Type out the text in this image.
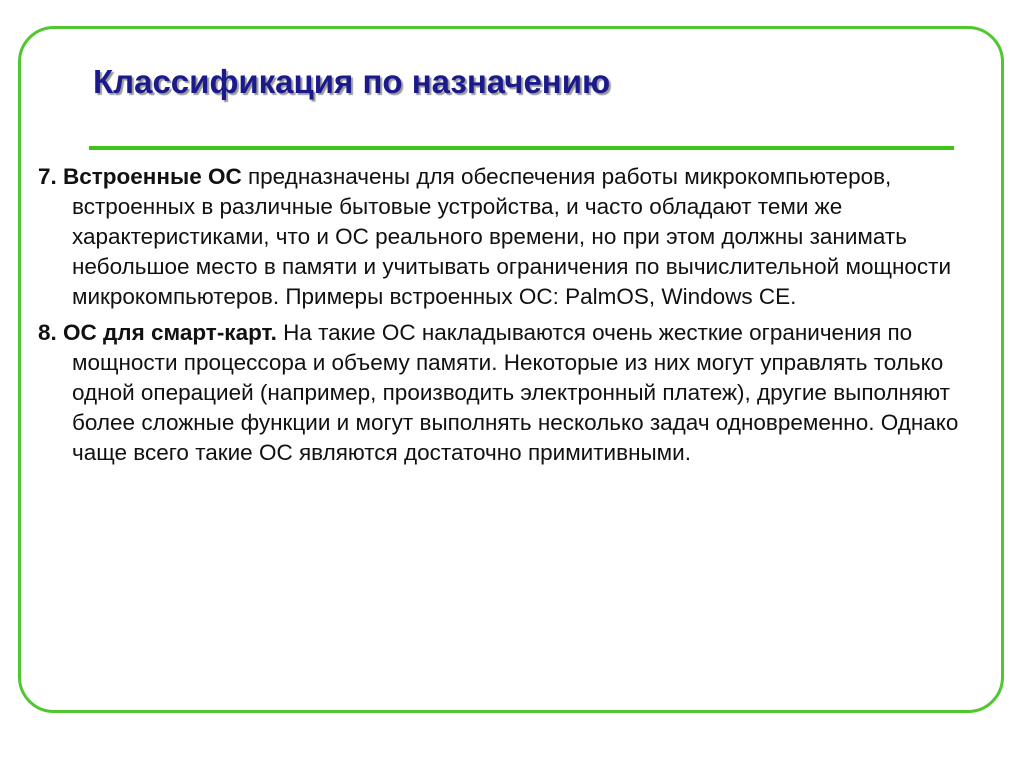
Классификация по назначению

7. Встроенные ОС предназначены для обеспечения работы микрокомпьютеров, встроенных в различные бытовые устройства, и часто обладают теми же характеристиками, что и ОС реального времени, но при этом должны занимать небольшое место в памяти и учитывать ограничения по вычислительной мощности микрокомпьютеров. Примеры встроенных ОС: PalmOS, Windows CE.

8. ОС для смарт-карт. На такие ОС накладываются очень жесткие ограничения по мощности процессора и объему памяти. Некоторые из них могут управлять только одной операцией (например, производить электронный платеж), другие выполняют более сложные функции и могут выполнять несколько задач одновременно. Однако чаще всего такие ОС являются достаточно примитивными.
